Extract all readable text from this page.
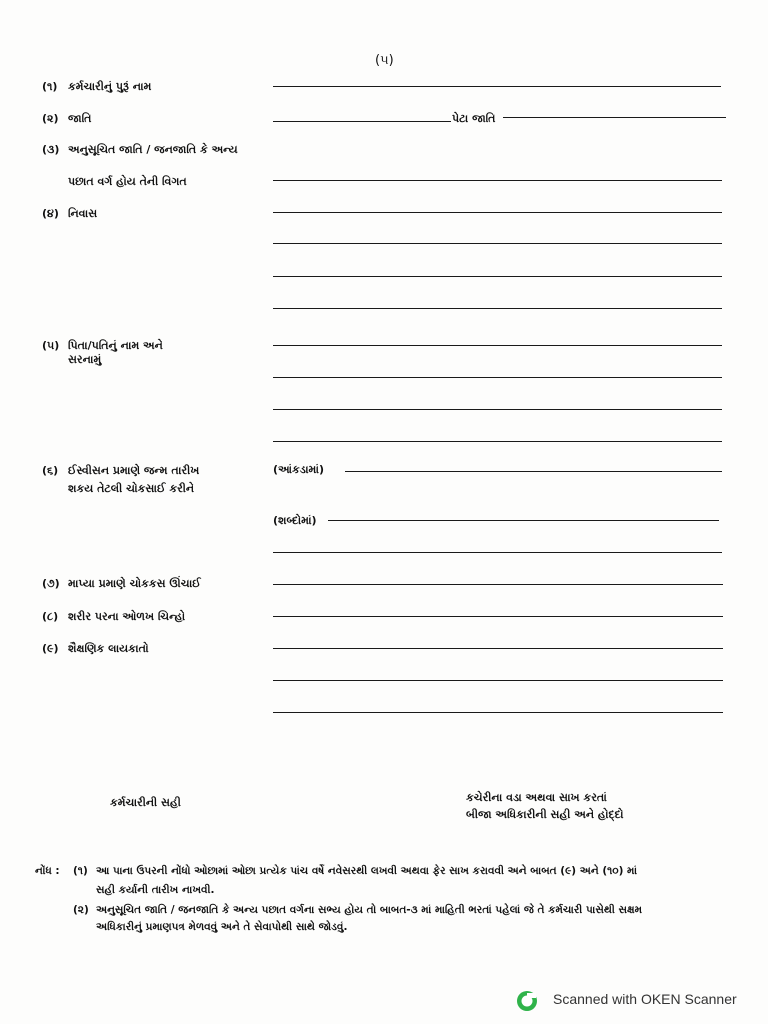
(૫)
(૧) કર્મચારીનું પુરૂં નામ
(૨) જાતિ	પેટા જાતિ
(૩) અનુસૂચિત જાતિ / જનજાતિ કે અન્ય
પછાત વર્ગ હોય તેની વિગત
(૪) નિવાસ
(૫) પિતા/પતિનું નામ અને
સરનામું
(૬) ઈસ્વીસન પ્રમાણે જન્મ તારીખ
શકય તેટલી ચોકસાઈ કરીને
(આંકડામાં)
(શબ્દોમાં)
(૭) માપ્યા પ્રમાણે ચોકકસ ઊંચાઈ
(૮) શરીર પરના ઓળખ ચિન્હો
(૯) શૈક્ષણિક લાયકાતો
કર્મચારીની સહી	કચેરીના વડા અથવા સાખ કરતાં
બીજા અધિકારીની સહી અને હોદ્દો
નોંધ : (૧) આ પાના ઉપરની નોંધો ઓછામાં ઓછા પ્રત્યેક પાંચ વર્ષે નવેસરથી લખવી અથવા ફેર સાખ કરાવવી અને બાબત (૯) અને (૧૦) માં
સહી કર્યાની તારીખ નાખવી.
(૨) અનુસૂચિત જાતિ / જનજાતિ કે અન્ય પછાત વર્ગના સભ્ય હોય તો બાબત-૩ માં માહિતી ભરતાં પહેલાં જે તે કર્મચારી પાસેથી સક્ષમ
અધિકારીનું પ્રમાણપત્ર મેળવવું અને તે સેવાપોથી સાથે જોડવું.
Scanned with OKEN Scanner
